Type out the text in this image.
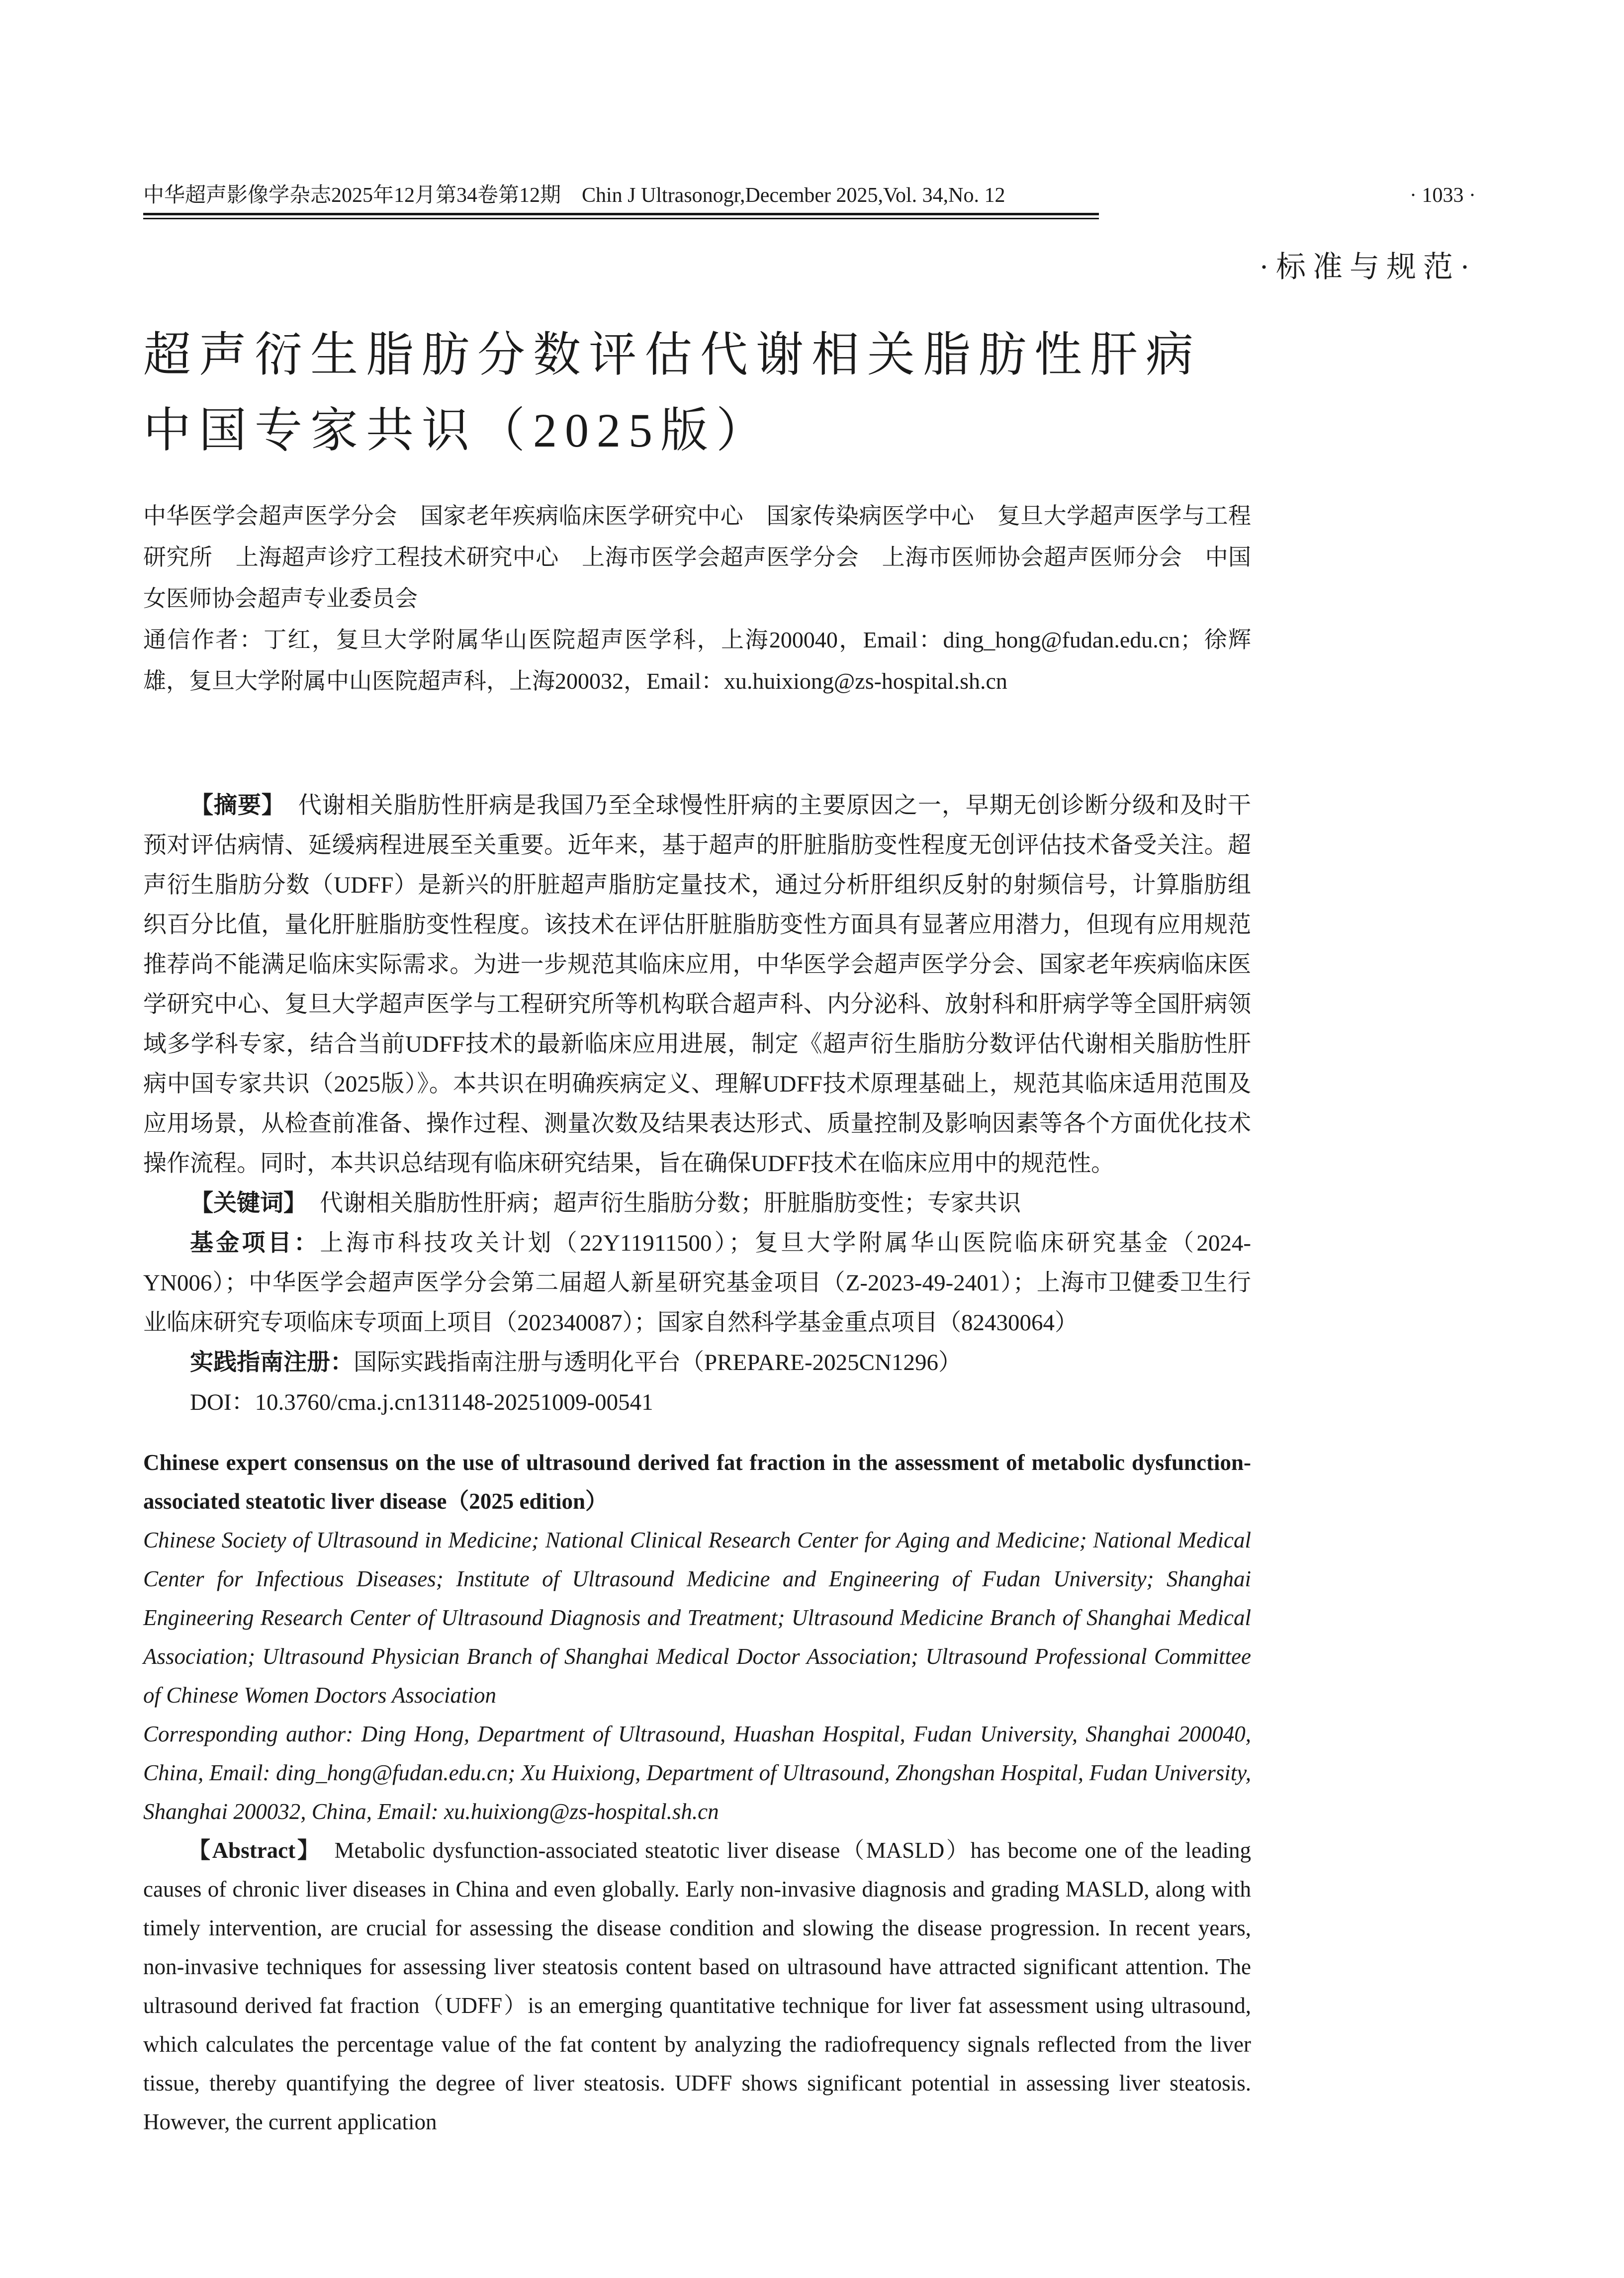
中华超声影像学杂志2025年12月第34卷第12期　Chin J Ultrasonogr,December 2025,Vol. 34,No. 12	· 1033 ·
·标准与规范·
超声衍生脂肪分数评估代谢相关脂肪性肝病
中国专家共识（2025版）

中华医学会超声医学分会　国家老年疾病临床医学研究中心　国家传染病医学中心　复旦大学超声医学与工程研究所　上海超声诊疗工程技术研究中心　上海市医学会超声医学分会　上海市医师协会超声医师分会　中国女医师协会超声专业委员会

通信作者：丁红，复旦大学附属华山医院超声医学科，上海200040，Email：ding_hong@fudan.edu.cn；徐辉雄，复旦大学附属中山医院超声科，上海200032，Email：xu.huixiong@zs-hospital.sh.cn

【摘要】 代谢相关脂肪性肝病是我国乃至全球慢性肝病的主要原因之一，早期无创诊断分级和及时干预对评估病情、延缓病程进展至关重要。近年来，基于超声的肝脏脂肪变性程度无创评估技术备受关注。超声衍生脂肪分数（UDFF）是新兴的肝脏超声脂肪定量技术，通过分析肝组织反射的射频信号，计算脂肪组织百分比值，量化肝脏脂肪变性程度。该技术在评估肝脏脂肪变性方面具有显著应用潜力，但现有应用规范推荐尚不能满足临床实际需求。为进一步规范其临床应用，中华医学会超声医学分会、国家老年疾病临床医学研究中心、复旦大学超声医学与工程研究所等机构联合超声科、内分泌科、放射科和肝病学等全国肝病领域多学科专家，结合当前UDFF技术的最新临床应用进展，制定《超声衍生脂肪分数评估代谢相关脂肪性肝病中国专家共识（2025版）》。本共识在明确疾病定义、理解UDFF技术原理基础上，规范其临床适用范围及应用场景，从检查前准备、操作过程、测量次数及结果表达形式、质量控制及影响因素等各个方面优化技术操作流程。同时，本共识总结现有临床研究结果，旨在确保UDFF技术在临床应用中的规范性。

【关键词】 代谢相关脂肪性肝病；超声衍生脂肪分数；肝脏脂肪变性；专家共识

基金项目：上海市科技攻关计划（22Y11911500）；复旦大学附属华山医院临床研究基金（2024-YN006）；中华医学会超声医学分会第二届超人新星研究基金项目（Z-2023-49-2401）；上海市卫健委卫生行业临床研究专项临床专项面上项目（202340087）；国家自然科学基金重点项目（82430064）

实践指南注册：国际实践指南注册与透明化平台（PREPARE-2025CN1296）

DOI：10.3760/cma.j.cn131148-20251009-00541

Chinese expert consensus on the use of ultrasound derived fat fraction in the assessment of metabolic dysfunction-associated steatotic liver disease（2025 edition）

Chinese Society of Ultrasound in Medicine; National Clinical Research Center for Aging and Medicine; National Medical Center for Infectious Diseases; Institute of Ultrasound Medicine and Engineering of Fudan University; Shanghai Engineering Research Center of Ultrasound Diagnosis and Treatment; Ultrasound Medicine Branch of Shanghai Medical Association; Ultrasound Physician Branch of Shanghai Medical Doctor Association; Ultrasound Professional Committee of Chinese Women Doctors Association

Corresponding author: Ding Hong, Department of Ultrasound, Huashan Hospital, Fudan University, Shanghai 200040, China, Email: ding_hong@fudan.edu.cn; Xu Huixiong, Department of Ultrasound, Zhongshan Hospital, Fudan University, Shanghai 200032, China, Email: xu.huixiong@zs-hospital.sh.cn

【Abstract】 Metabolic dysfunction-associated steatotic liver disease（MASLD）has become one of the leading causes of chronic liver diseases in China and even globally. Early non-invasive diagnosis and grading MASLD, along with timely intervention, are crucial for assessing the disease condition and slowing the disease progression. In recent years, non-invasive techniques for assessing liver steatosis content based on ultrasound have attracted significant attention. The ultrasound derived fat fraction（UDFF）is an emerging quantitative technique for liver fat assessment using ultrasound, which calculates the percentage value of the fat content by analyzing the radiofrequency signals reflected from the liver tissue, thereby quantifying the degree of liver steatosis. UDFF shows significant potential in assessing liver steatosis. However, the current application
